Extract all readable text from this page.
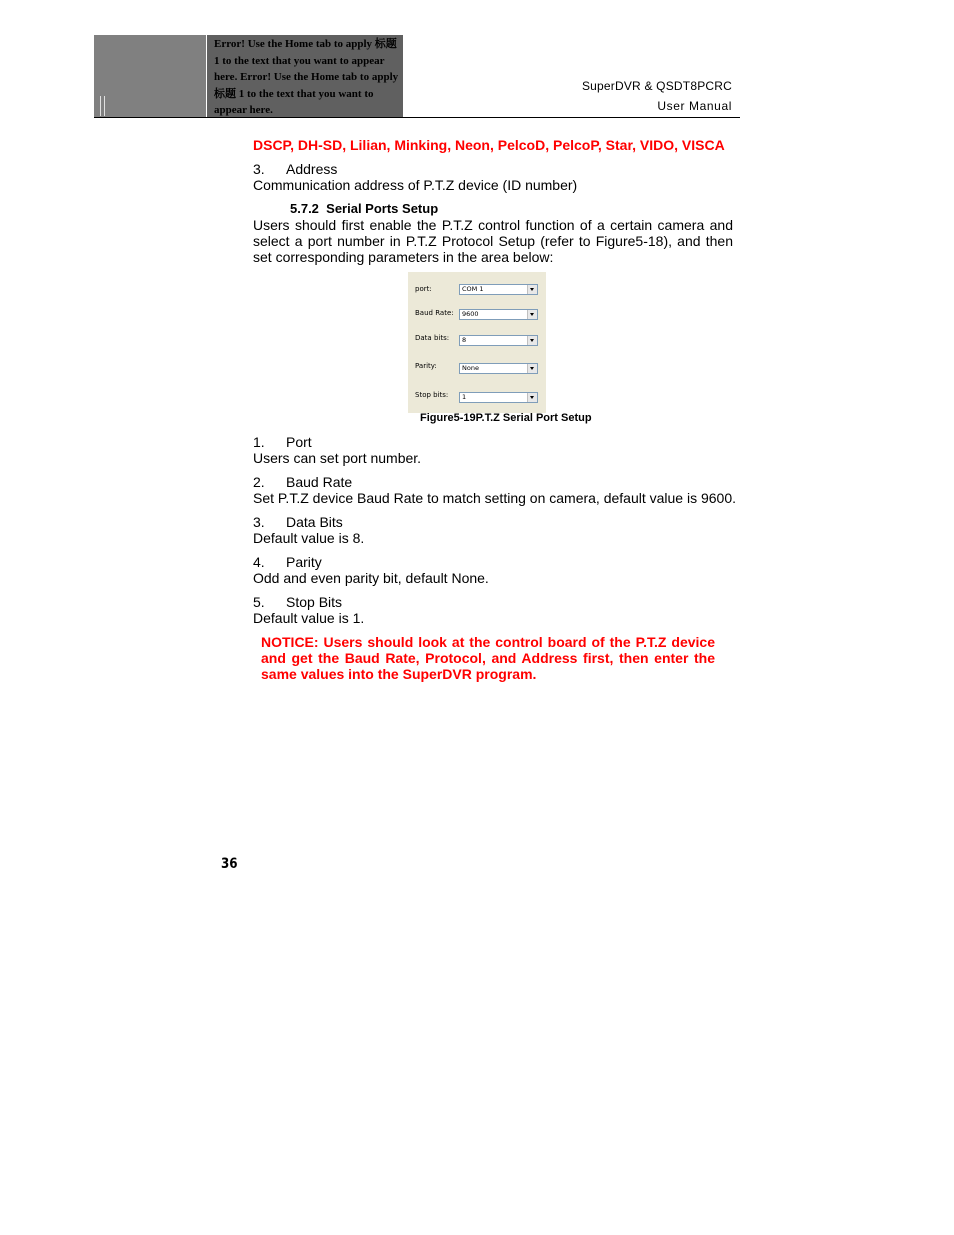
Error! Use the Home tab to apply 标题 1 to the text that you want to appear here. Error! Use the Home tab to apply 标题 1 to the text that you want to appear here.
SuperDVR & QSDT8PCRC
User Manual
DSCP, DH-SD, Lilian, Minking, Neon, PelcoD, PelcoP, Star, VIDO, VISCA
3. Address
Communication address of P.T.Z device (ID number)
5.7.2 Serial Ports Setup
Users should first enable the P.T.Z control function of a certain camera and select a port number in P.T.Z Protocol Setup (refer to Figure5-18), and then set corresponding parameters in the area below:
port:	COM 1
Baud Rate:	9600
Data bits:	8
Parity:	None
Stop bits:	1
Figure5-19P.T.Z Serial Port Setup
1. Port
Users can set port number.
2. Baud Rate
Set P.T.Z device Baud Rate to match setting on camera, default value is 9600.
3. Data Bits
Default value is 8.
4. Parity
Odd and even parity bit, default None.
5. Stop Bits
Default value is 1.
NOTICE: Users should look at the control board of the P.T.Z device and get the Baud Rate, Protocol, and Address first, then enter the same values into the SuperDVR program.
36
